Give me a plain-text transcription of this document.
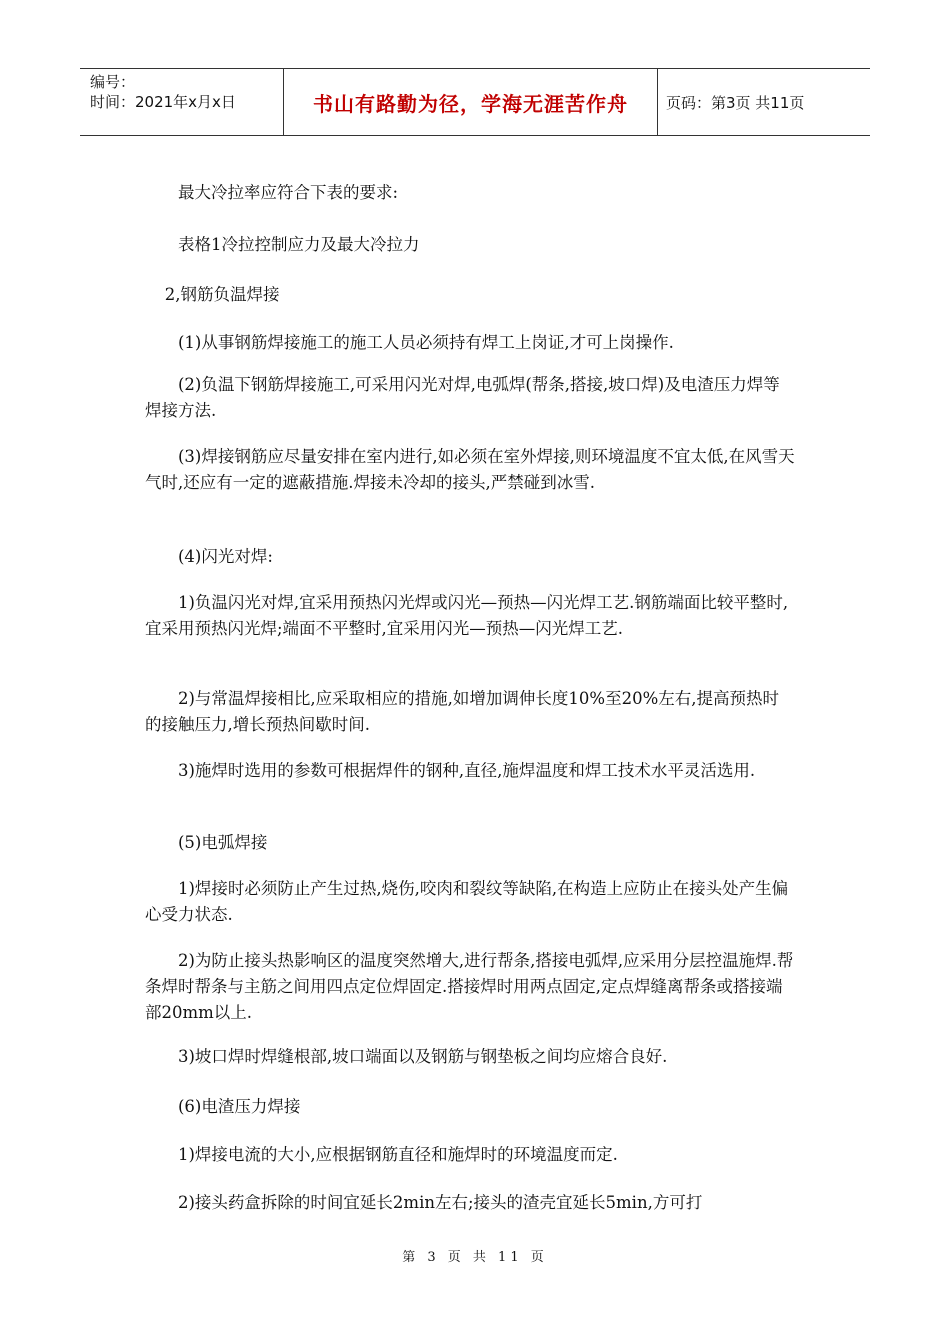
编号：
时间：2021年x月x日	书山有路勤为径，学海无涯苦作舟	页码：第3页 共11页

最大冷拉率应符合下表的要求:

表格1冷拉控制应力及最大冷拉力

2,钢筋负温焊接

(1)从事钢筋焊接施工的施工人员必须持有焊工上岗证,才可上岗操作.

(2)负温下钢筋焊接施工,可采用闪光对焊,电弧焊(帮条,搭接,坡口焊)及电渣压力焊等焊接方法.

(3)焊接钢筋应尽量安排在室内进行,如必须在室外焊接,则环境温度不宜太低,在风雪天气时,还应有一定的遮蔽措施.焊接未冷却的接头,严禁碰到冰雪.

(4)闪光对焊:

1)负温闪光对焊,宜采用预热闪光焊或闪光—预热—闪光焊工艺.钢筋端面比较平整时,宜采用预热闪光焊;端面不平整时,宜采用闪光—预热—闪光焊工艺.

2)与常温焊接相比,应采取相应的措施,如增加调伸长度10%至20%左右,提高预热时的接触压力,增长预热间歇时间.

3)施焊时选用的参数可根据焊件的钢种,直径,施焊温度和焊工技术水平灵活选用.

(5)电弧焊接

1)焊接时必须防止产生过热,烧伤,咬肉和裂纹等缺陷,在构造上应防止在接头处产生偏心受力状态.

2)为防止接头热影响区的温度突然增大,进行帮条,搭接电弧焊,应采用分层控温施焊.帮条焊时帮条与主筋之间用四点定位焊固定.搭接焊时用两点固定,定点焊缝离帮条或搭接端部20mm以上.

3)坡口焊时焊缝根部,坡口端面以及钢筋与钢垫板之间均应熔合良好.

(6)电渣压力焊接

1)焊接电流的大小,应根据钢筋直径和施焊时的环境温度而定.

2)接头药盒拆除的时间宜延长2min左右;接头的渣壳宜延长5min,方可打

第 3 页 共 11 页
